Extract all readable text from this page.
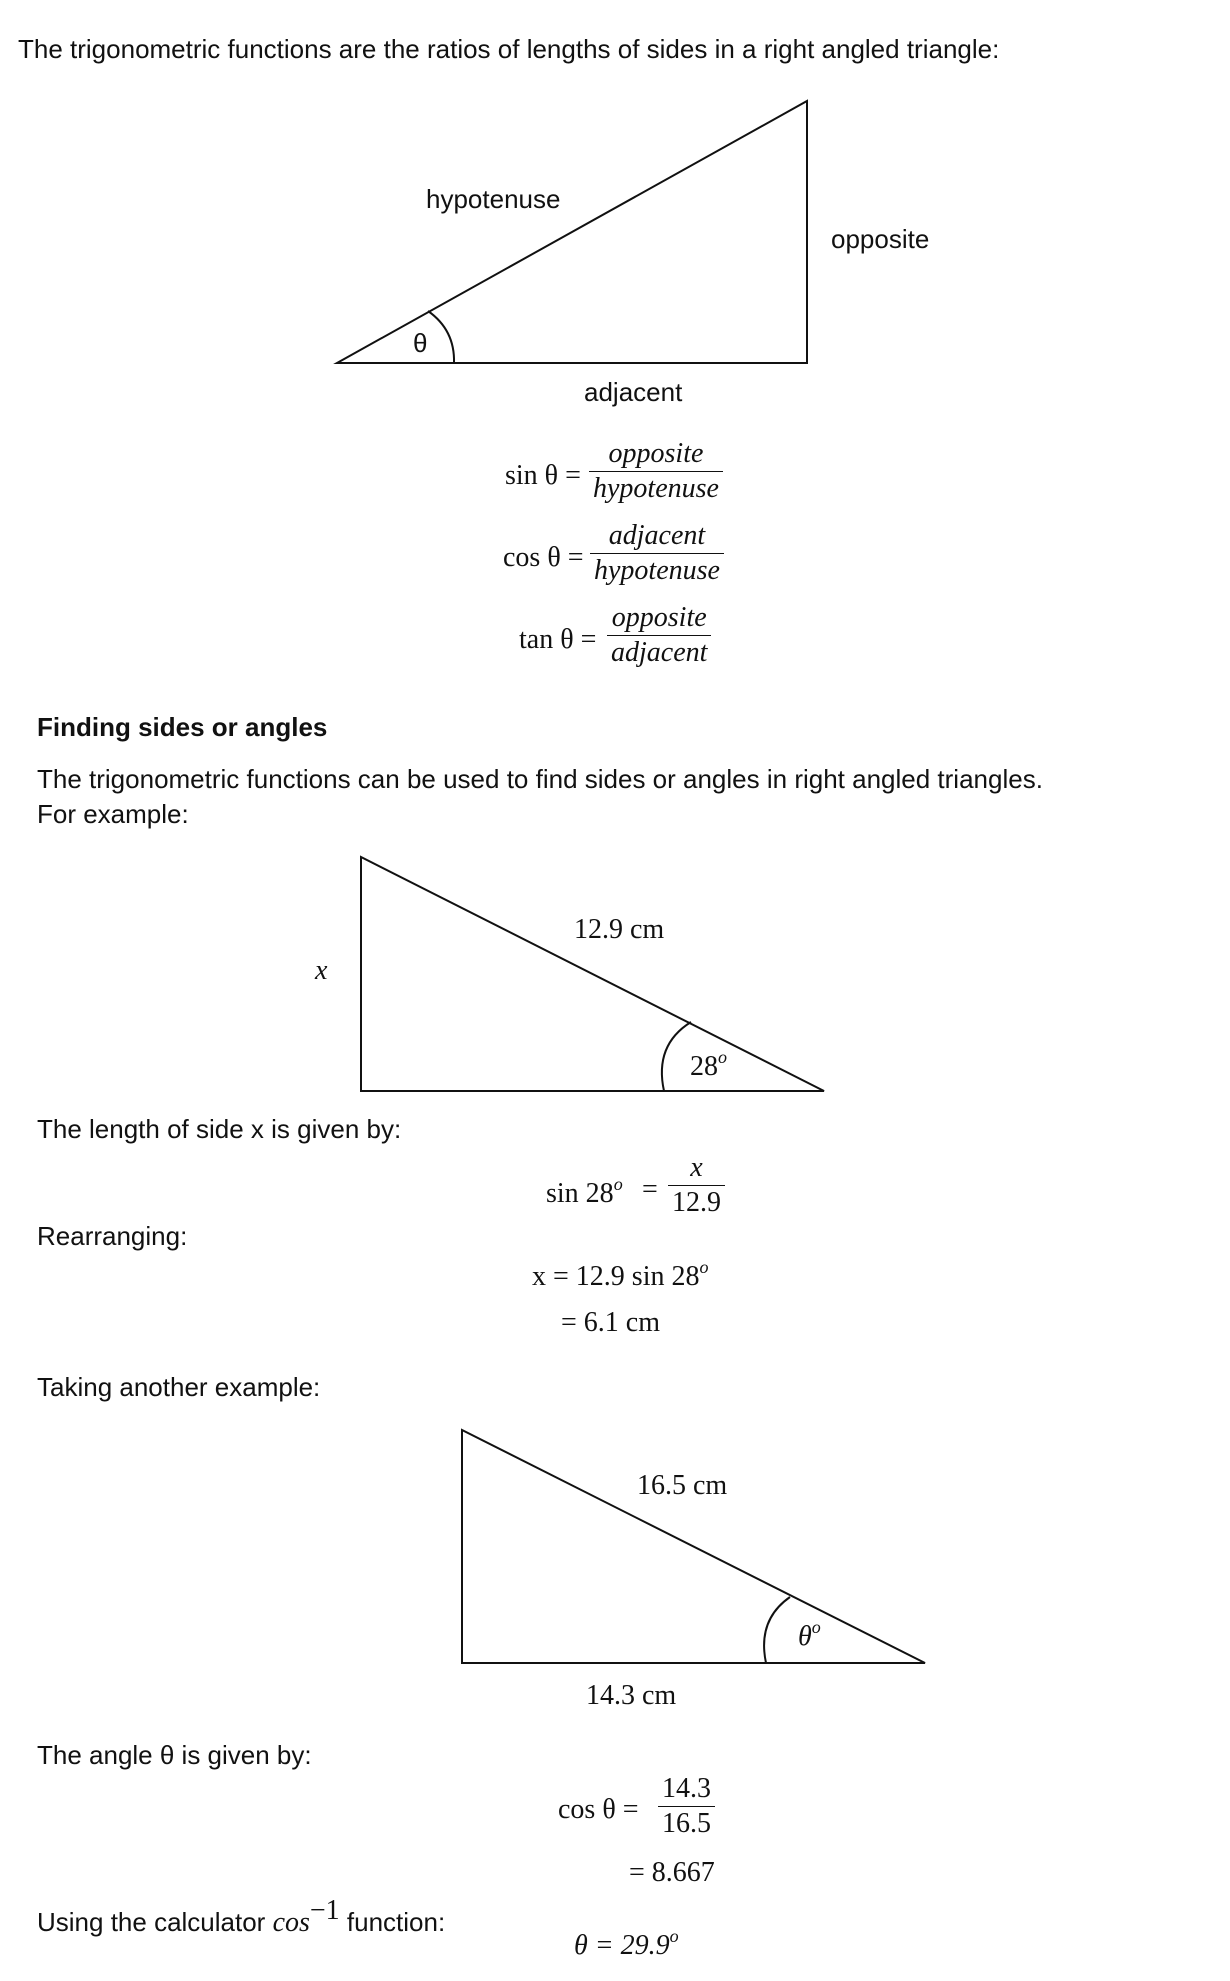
The trigonometric functions are the ratios of lengths of sides in a right angled triangle:
hypotenuse
opposite
adjacent
θ
sin θ =
opposite
hypotenuse
cos θ =
adjacent
hypotenuse
tan θ =
opposite
adjacent
Finding sides or angles
The trigonometric functions can be used to find sides or angles in right angled triangles.
For example:
x
12.9 cm
28$^o$
The length of side x is given by:
$\sin 28^o$ =
x
12.9
Rearranging:
x = 12.9 $\sin 28^o$
= 6.1 cm
Taking another example:
16.5 cm
14.3 cm
$\theta^o$
The angle θ is given by:
cos θ =
14.3
16.5
= 8.667
Using the calculator $\cos^{-1}$ function:
$\theta = 29.9^o$
